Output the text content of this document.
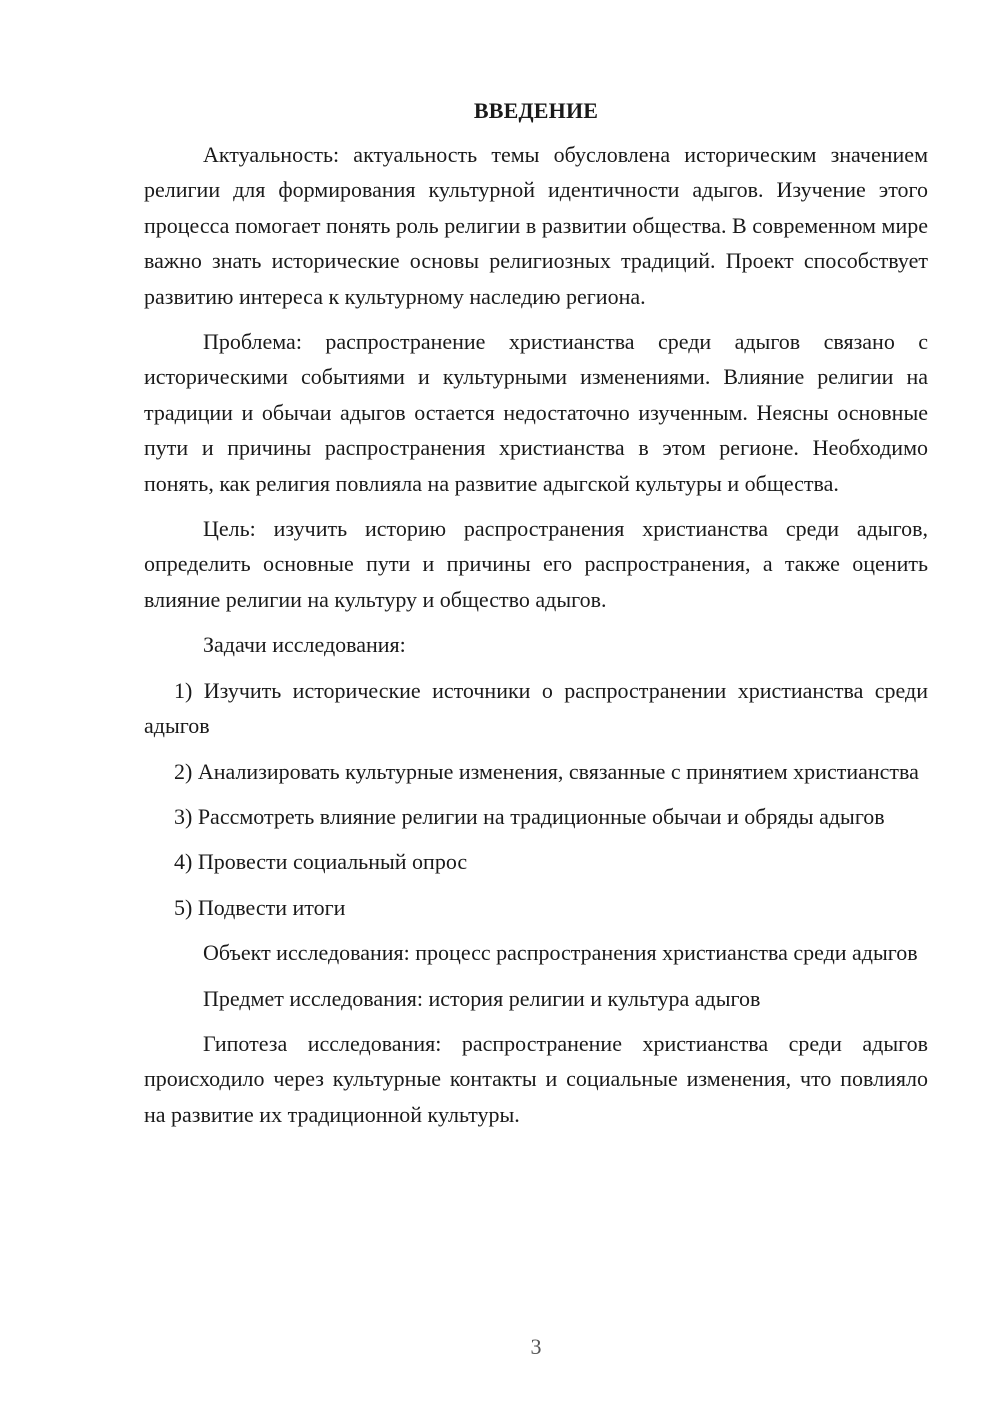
ВВЕДЕНИЕ

Актуальность: актуальность темы обусловлена историческим значением религии для формирования культурной идентичности адыгов. Изучение этого процесса помогает понять роль религии в развитии общества. В современном мире важно знать исторические основы религиозных традиций. Проект способствует развитию интереса к культурному наследию региона.

Проблема: распространение христианства среди адыгов связано с историческими событиями и культурными изменениями. Влияние религии на традиции и обычаи адыгов остается недостаточно изученным. Неясны основные пути и причины распространения христианства в этом регионе. Необходимо понять, как религия повлияла на развитие адыгской культуры и общества.

Цель: изучить историю распространения христианства среди адыгов, определить основные пути и причины его распространения, а также оценить влияние религии на культуру и общество адыгов.

Задачи исследования:

1) Изучить исторические источники о распространении христианства среди адыгов

2) Анализировать культурные изменения, связанные с принятием христианства

3) Рассмотреть влияние религии на традиционные обычаи и обряды адыгов

4) Провести социальный опрос

5) Подвести итоги

Объект исследования: процесс распространения христианства среди адыгов

Предмет исследования: история религии и культура адыгов

Гипотеза исследования: распространение христианства среди адыгов происходило через культурные контакты и социальные изменения, что повлияло на развитие их традиционной культуры.

3
